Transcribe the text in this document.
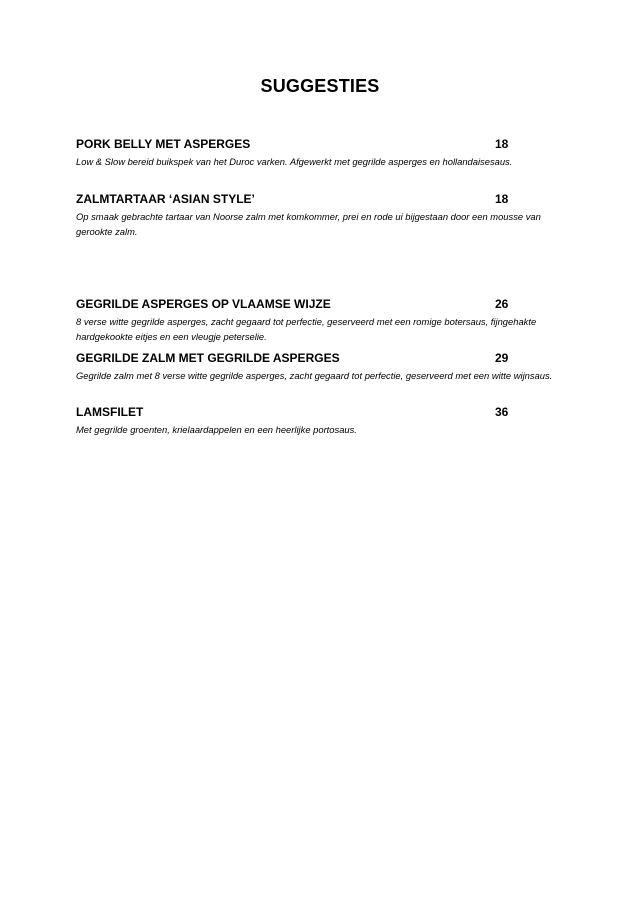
SUGGESTIES
PORK BELLY MET ASPERGES	18
Low & Slow bereid buikspek van het Duroc varken. Afgewerkt met gegrilde asperges en hollandaisesaus.
ZALMTARTAAR ‘ASIAN STYLE’	18
Op smaak gebrachte tartaar van Noorse zalm met komkommer, prei en rode ui bijgestaan door een mousse van gerookte zalm.
GEGRILDE ASPERGES OP VLAAMSE WIJZE	26
8 verse witte gegrilde asperges, zacht gegaard tot perfectie, geserveerd met een romige botersaus, fijngehakte hardgekookte eitjes en een vleugje peterselie.
GEGRILDE ZALM MET GEGRILDE ASPERGES	29
Gegrilde zalm met 8 verse witte gegrilde asperges, zacht gegaard tot perfectie, geserveerd met een witte wijnsaus.
LAMSFILET	36
Met gegrilde groenten, krielaardappelen en een heerlijke portosaus.
